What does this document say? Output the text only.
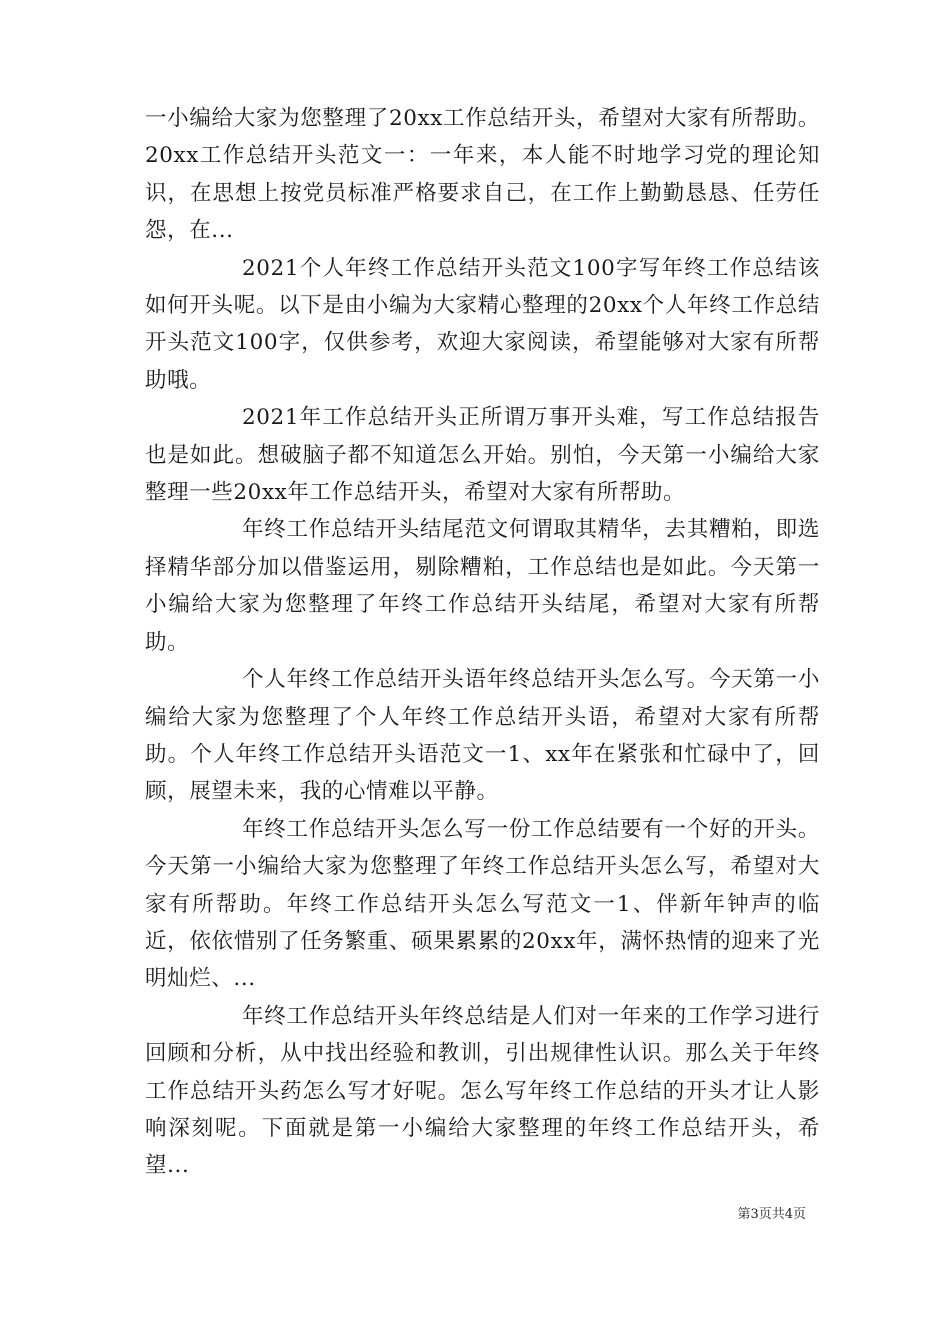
一小编给大家为您整理了20xx工作总结开头，希望对大家有所帮助。20xx工作总结开头范文一：一年来，本人能不时地学习党的理论知识，在思想上按党员标准严格要求自己，在工作上勤勤恳恳、任劳任怨，在...

2021个人年终工作总结开头范文100字写年终工作总结该如何开头呢。以下是由小编为大家精心整理的20xx个人年终工作总结开头范文100字，仅供参考，欢迎大家阅读，希望能够对大家有所帮助哦。

2021年工作总结开头正所谓万事开头难，写工作总结报告也是如此。想破脑子都不知道怎么开始。别怕，今天第一小编给大家整理一些20xx年工作总结开头，希望对大家有所帮助。

年终工作总结开头结尾范文何谓取其精华，去其糟粕，即选择精华部分加以借鉴运用，剔除糟粕，工作总结也是如此。今天第一小编给大家为您整理了年终工作总结开头结尾，希望对大家有所帮助。

个人年终工作总结开头语年终总结开头怎么写。今天第一小编给大家为您整理了个人年终工作总结开头语，希望对大家有所帮助。个人年终工作总结开头语范文一1、xx年在紧张和忙碌中了，回顾，展望未来，我的心情难以平静。

年终工作总结开头怎么写一份工作总结要有一个好的开头。今天第一小编给大家为您整理了年终工作总结开头怎么写，希望对大家有所帮助。年终工作总结开头怎么写范文一1、伴新年钟声的临近，依依惜别了任务繁重、硕果累累的20xx年，满怀热情的迎来了光明灿烂、...

年终工作总结开头年终总结是人们对一年来的工作学习进行回顾和分析，从中找出经验和教训，引出规律性认识。那么关于年终工作总结开头药怎么写才好呢。怎么写年终工作总结的开头才让人影响深刻呢。下面就是第一小编给大家整理的年终工作总结开头，希望...

第3页共4页
